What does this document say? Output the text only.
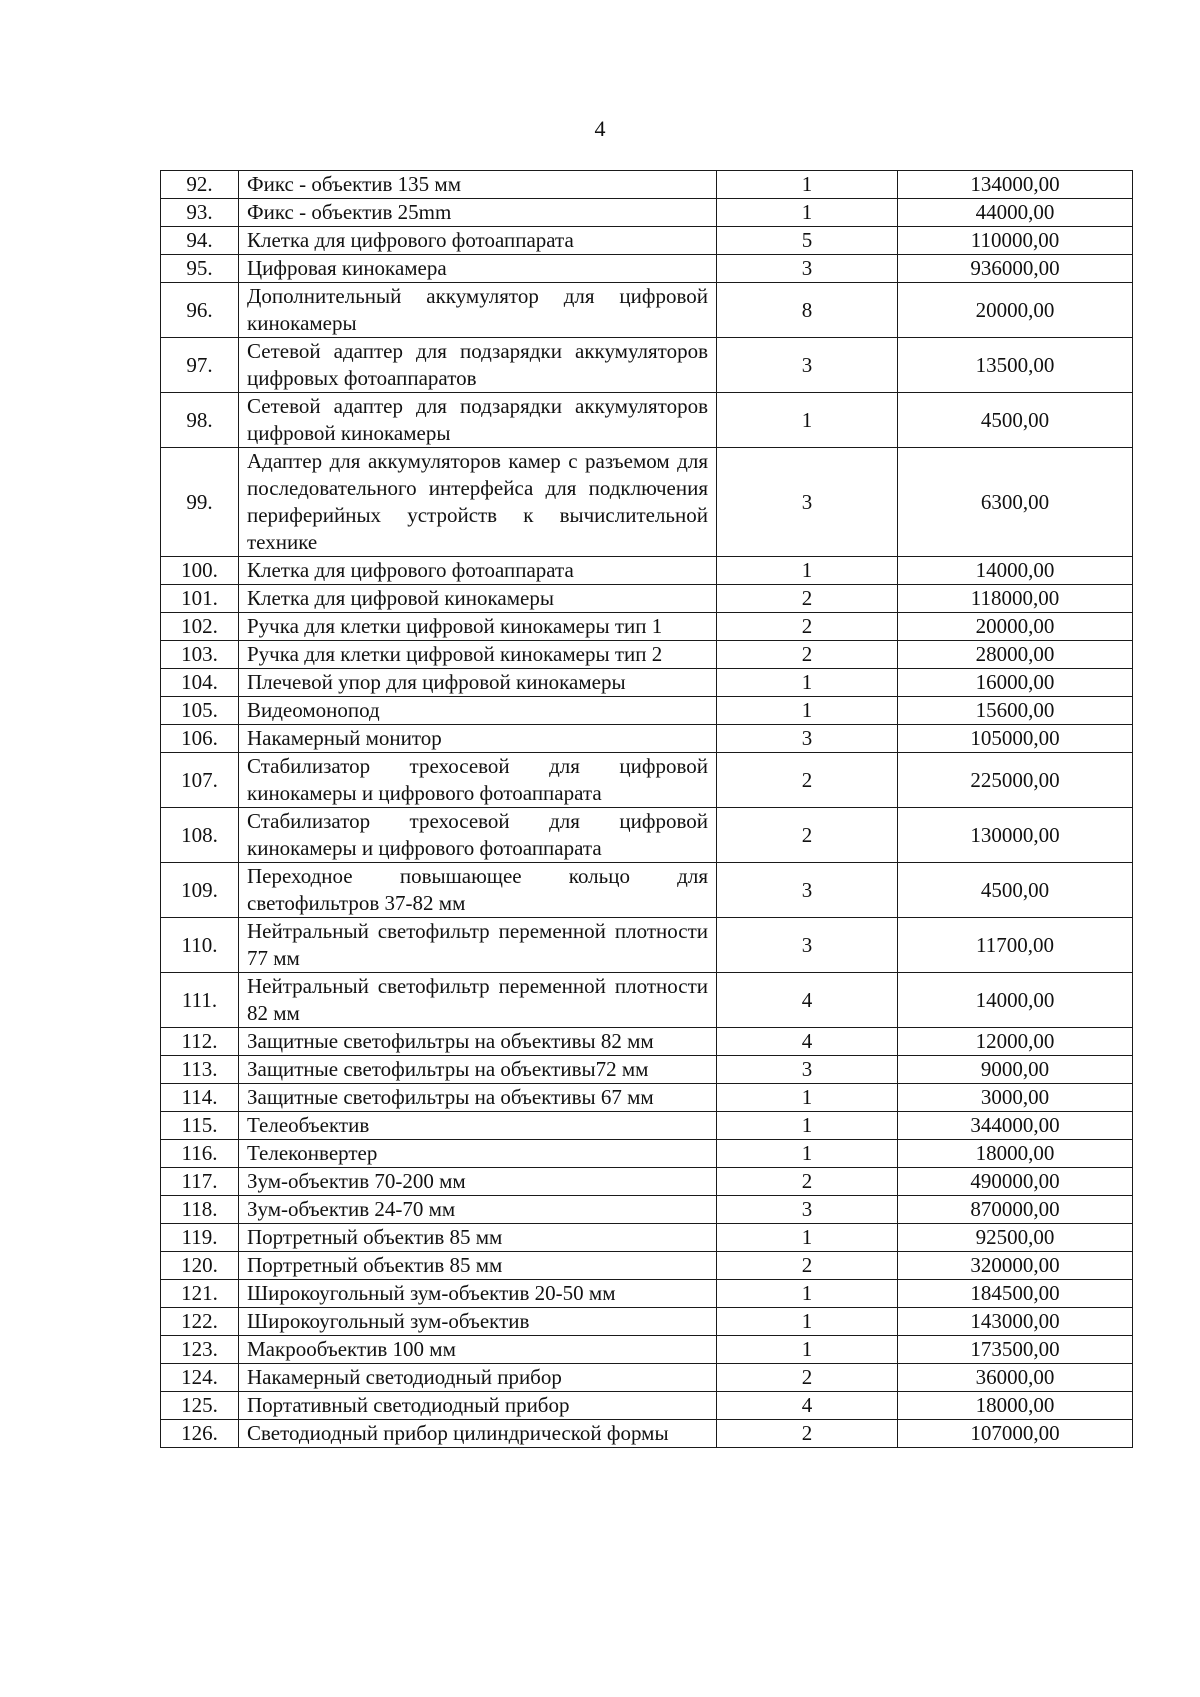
4
92.	Фикс - объектив 135 мм	1	134000,00
93.	Фикс - объектив 25mm	1	44000,00
94.	Клетка для цифрового фотоаппарата	5	110000,00
95.	Цифровая кинокамера	3	936000,00
96.	Дополнительный аккумулятор для цифровой кинокамеры	8	20000,00
97.	Сетевой адаптер для подзарядки аккумуляторов цифровых фотоаппаратов	3	13500,00
98.	Сетевой адаптер для подзарядки аккумуляторов цифровой кинокамеры	1	4500,00
99.	Адаптер для аккумуляторов камер с разъемом для последовательного интерфейса для подключения периферийных устройств к вычислительной технике	3	6300,00
100.	Клетка для цифрового фотоаппарата	1	14000,00
101.	Клетка для цифровой кинокамеры	2	118000,00
102.	Ручка для клетки цифровой кинокамеры тип 1	2	20000,00
103.	Ручка для клетки цифровой кинокамеры тип 2	2	28000,00
104.	Плечевой упор для цифровой кинокамеры	1	16000,00
105.	Видеомонопод	1	15600,00
106.	Накамерный монитор	3	105000,00
107.	Стабилизатор трехосевой для цифровой кинокамеры и цифрового фотоаппарата	2	225000,00
108.	Стабилизатор трехосевой для цифровой кинокамеры и цифрового фотоаппарата	2	130000,00
109.	Переходное повышающее кольцо для светофильтров 37-82 мм	3	4500,00
110.	Нейтральный светофильтр переменной плотности 77 мм	3	11700,00
111.	Нейтральный светофильтр переменной плотности 82 мм	4	14000,00
112.	Защитные светофильтры на объективы 82 мм	4	12000,00
113.	Защитные светофильтры на объективы72 мм	3	9000,00
114.	Защитные светофильтры на объективы 67 мм	1	3000,00
115.	Телеобъектив	1	344000,00
116.	Телеконвертер	1	18000,00
117.	Зум-объектив 70-200 мм	2	490000,00
118.	Зум-объектив 24-70 мм	3	870000,00
119.	Портретный объектив 85 мм	1	92500,00
120.	Портретный объектив 85 мм	2	320000,00
121.	Широкоугольный зум-объектив 20-50 мм	1	184500,00
122.	Широкоугольный зум-объектив	1	143000,00
123.	Макрообъектив 100 мм	1	173500,00
124.	Накамерный светодиодный прибор	2	36000,00
125.	Портативный светодиодный прибор	4	18000,00
126.	Светодиодный прибор цилиндрической формы	2	107000,00
